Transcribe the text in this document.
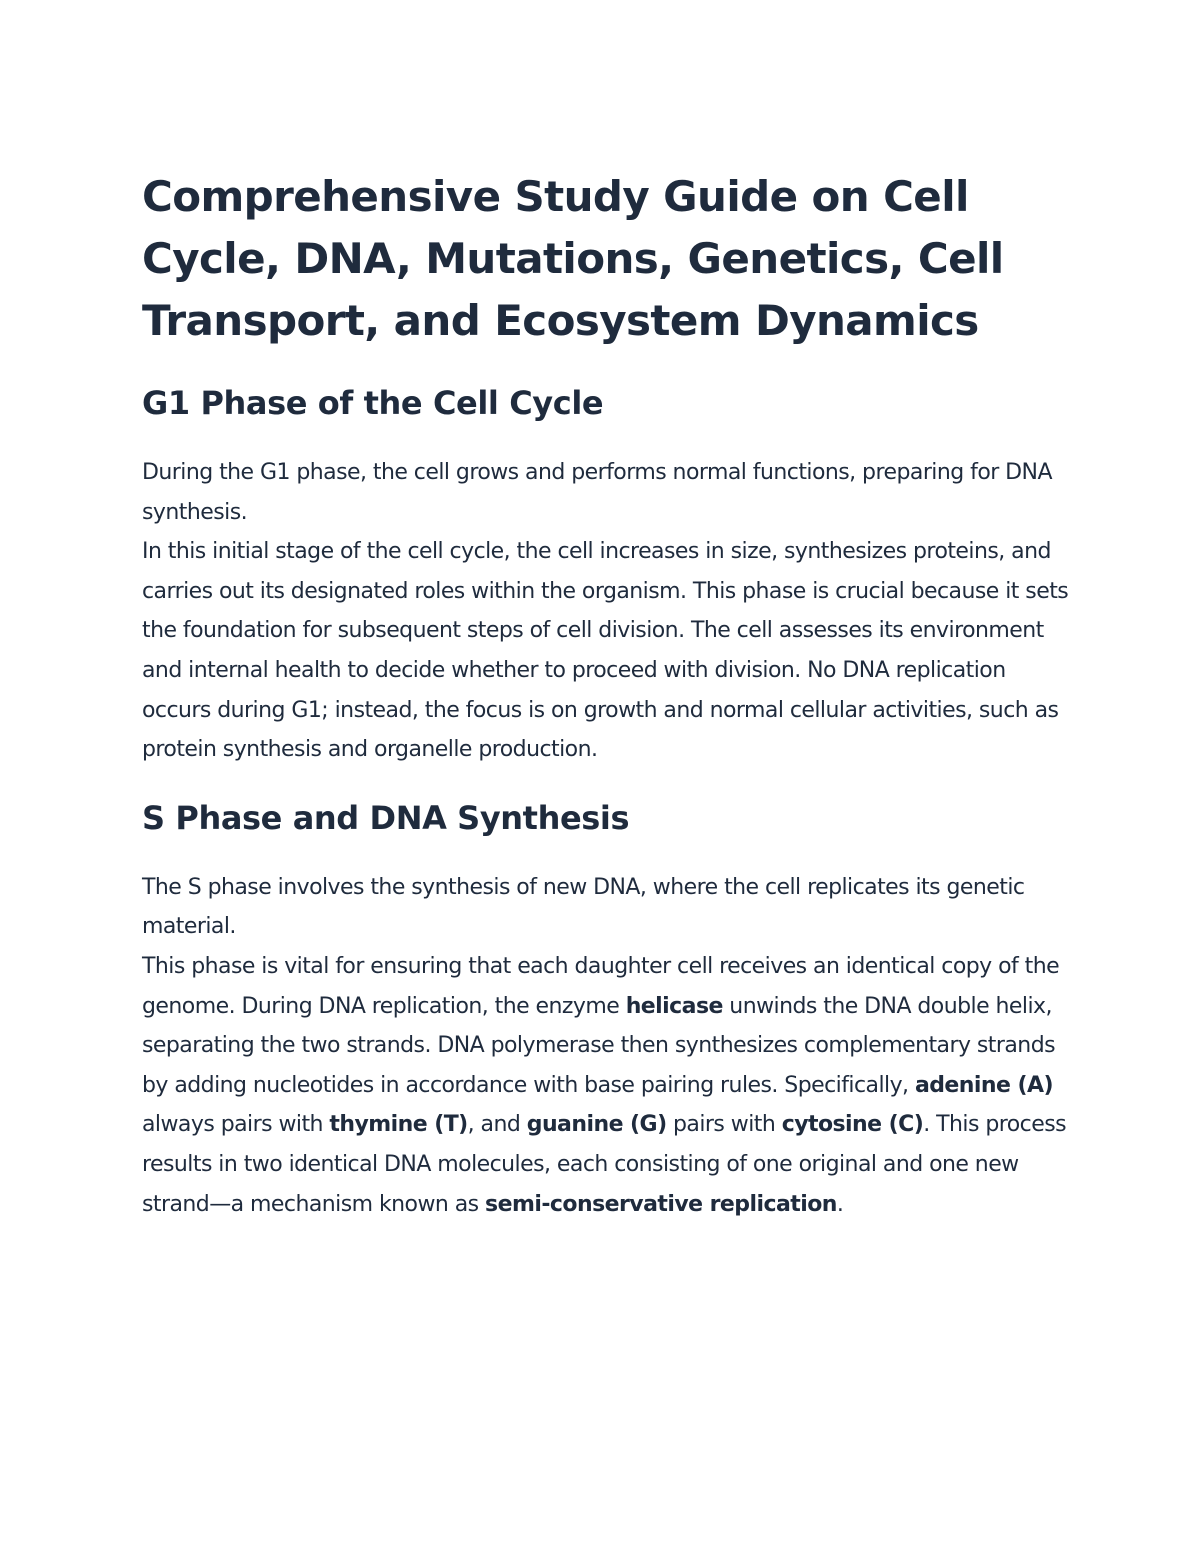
Comprehensive Study Guide on Cell Cycle, DNA, Mutations, Genetics, Cell Transport, and Ecosystem Dynamics
G1 Phase of the Cell Cycle

During the G1 phase, the cell grows and performs normal functions, preparing for DNA synthesis.

In this initial stage of the cell cycle, the cell increases in size, synthesizes proteins, and carries out its designated roles within the organism. This phase is crucial because it sets the foundation for subsequent steps of cell division. The cell assesses its environment and internal health to decide whether to proceed with division. No DNA replication occurs during G1; instead, the focus is on growth and normal cellular activities, such as protein synthesis and organelle production.

S Phase and DNA Synthesis

The S phase involves the synthesis of new DNA, where the cell replicates its genetic material.

This phase is vital for ensuring that each daughter cell receives an identical copy of the genome. During DNA replication, the enzyme helicase unwinds the DNA double helix, separating the two strands. DNA polymerase then synthesizes complementary strands by adding nucleotides in accordance with base pairing rules. Specifically, adenine (A) always pairs with thymine (T), and guanine (G) pairs with cytosine (C). This process results in two identical DNA molecules, each consisting of one original and one new strand—a mechanism known as semi-conservative replication.
